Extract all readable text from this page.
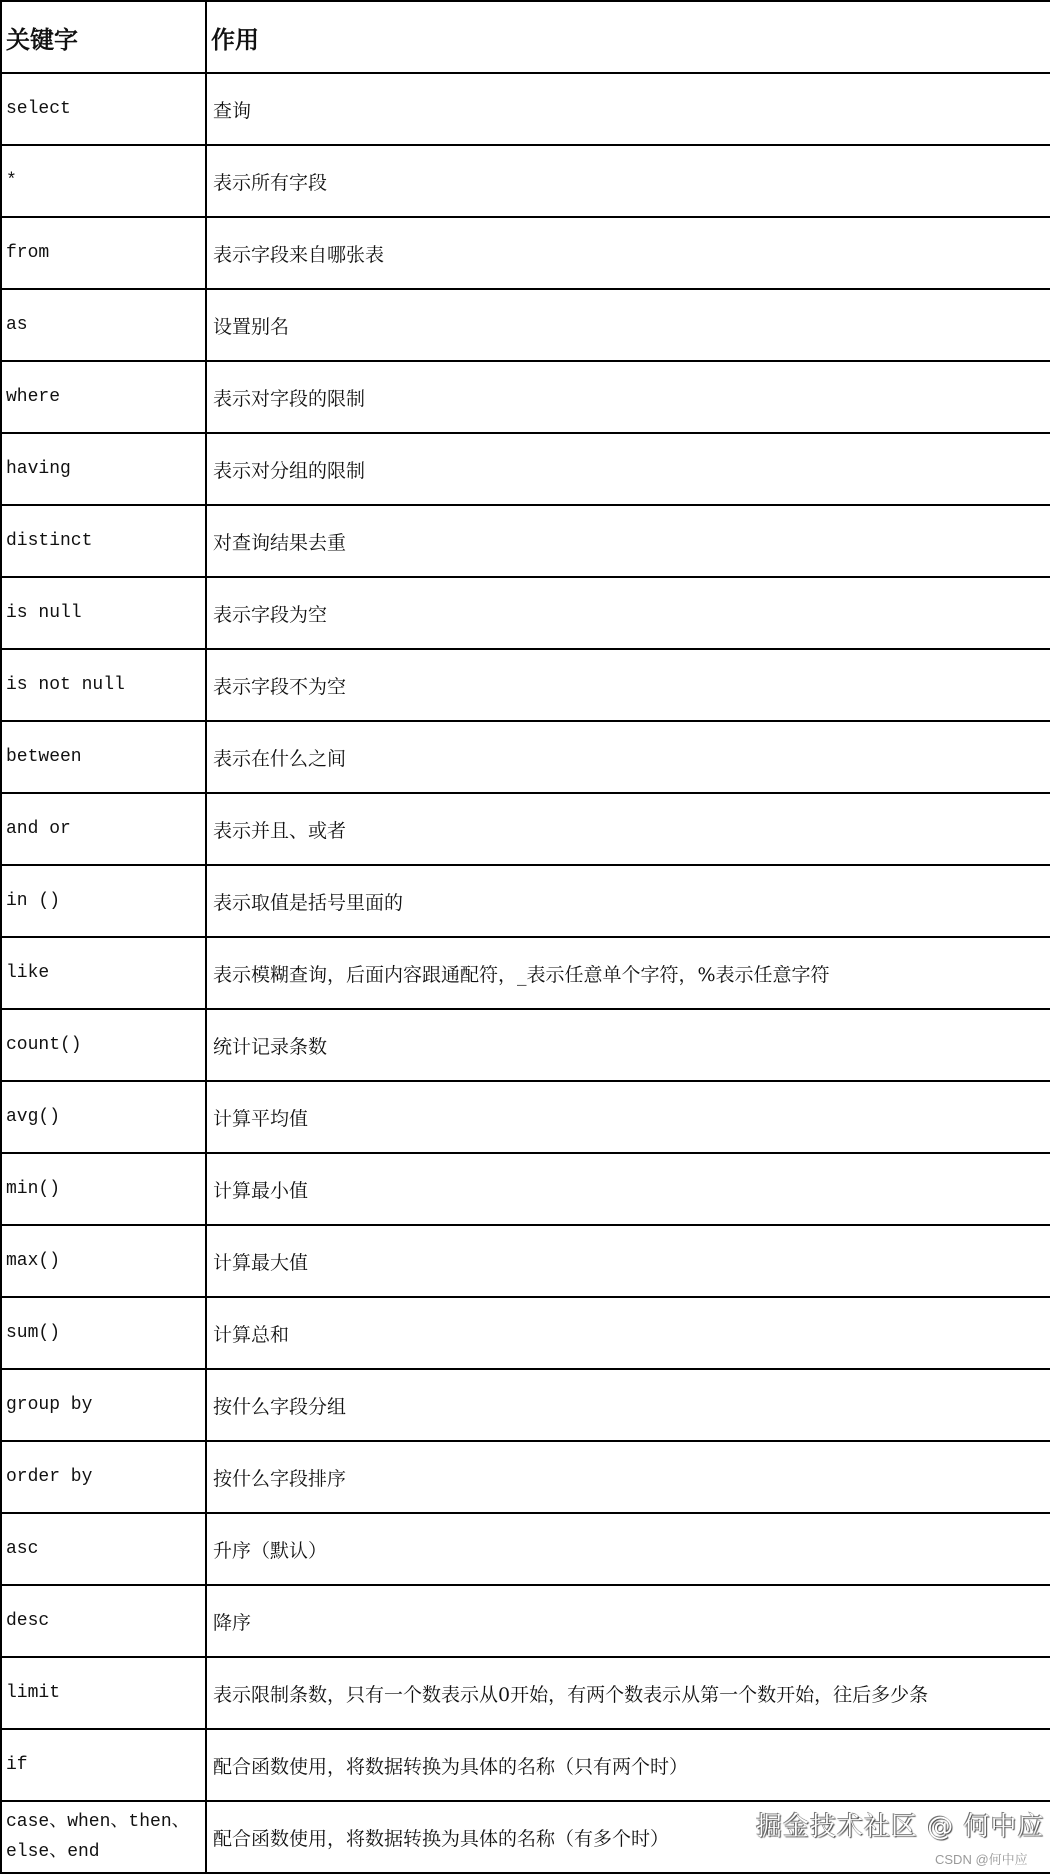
关键字	作用
select	查询
*	表示所有字段
from	表示字段来自哪张表
as	设置别名
where	表示对字段的限制
having	表示对分组的限制
distinct	对查询结果去重
is null	表示字段为空
is not null	表示字段不为空
between	表示在什么之间
and or	表示并且、或者
in ()	表示取值是括号里面的
like	表示模糊查询，后面内容跟通配符，_表示任意单个字符，%表示任意字符
count()	统计记录条数
avg()	计算平均值
min()	计算最小值
max()	计算最大值
sum()	计算总和
group by	按什么字段分组
order by	按什么字段排序
asc	升序（默认）
desc	降序
limit	表示限制条数，只有一个数表示从0开始，有两个数表示从第一个数开始，往后多少条
if	配合函数使用，将数据转换为具体的名称（只有两个时）
case、when、then、else、end	配合函数使用，将数据转换为具体的名称（有多个时）	掘金技术社区 @ 何中应
CSDN @何中应
